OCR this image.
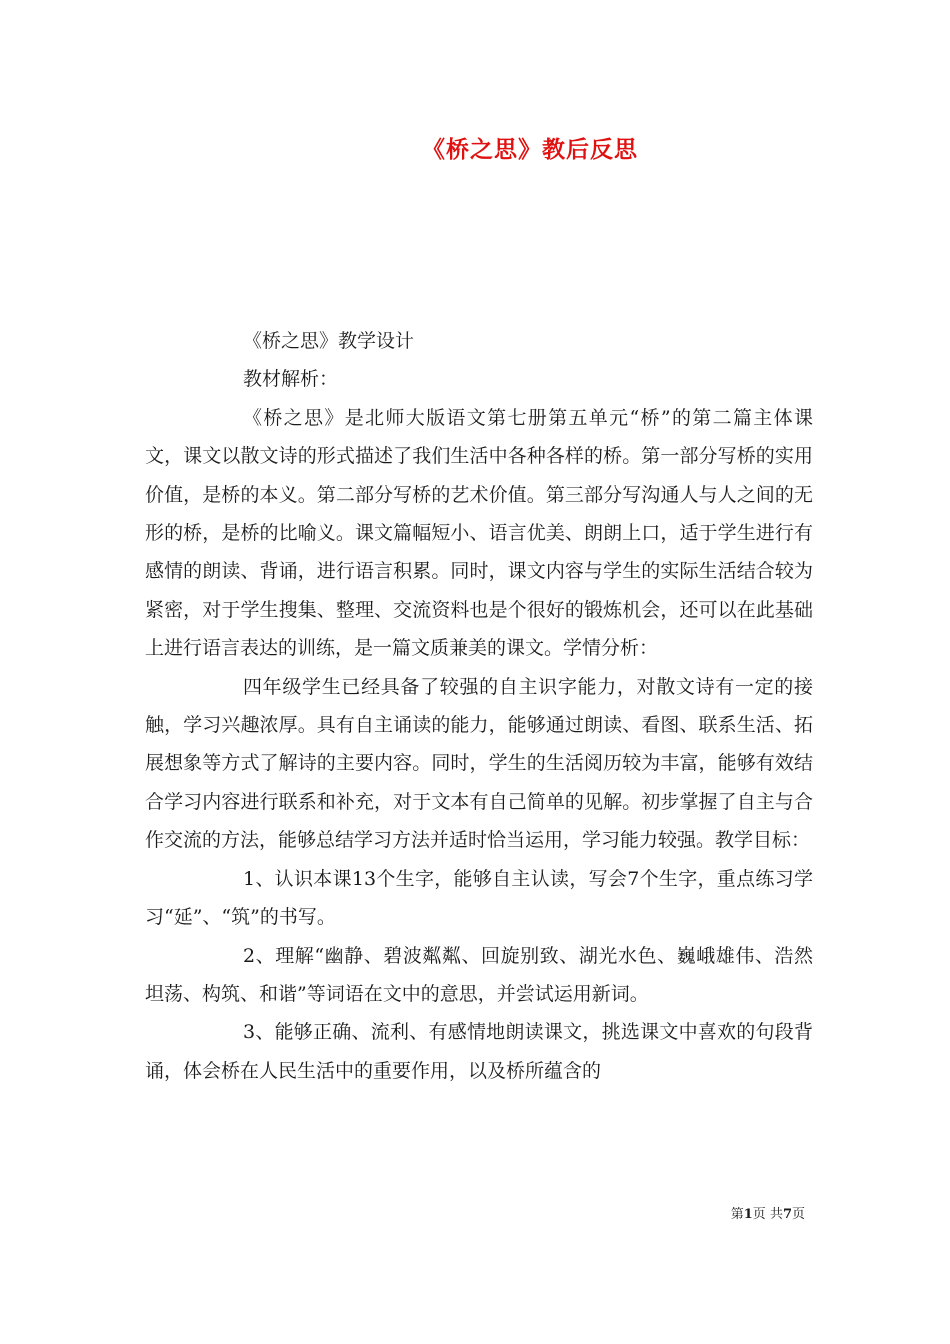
《桥之思》教后反思

《桥之思》教学设计

教材解析：

《桥之思》是北师大版语文第七册第五单元“桥”的第二篇主体课文，课文以散文诗的形式描述了我们生活中各种各样的桥。第一部分写桥的实用价值，是桥的本义。第二部分写桥的艺术价值。第三部分写沟通人与人之间的无形的桥，是桥的比喻义。课文篇幅短小、语言优美、朗朗上口，适于学生进行有感情的朗读、背诵，进行语言积累。同时，课文内容与学生的实际生活结合较为紧密，对于学生搜集、整理、交流资料也是个很好的锻炼机会，还可以在此基础上进行语言表达的训练，是一篇文质兼美的课文。学情分析：

四年级学生已经具备了较强的自主识字能力，对散文诗有一定的接触，学习兴趣浓厚。具有自主诵读的能力，能够通过朗读、看图、联系生活、拓展想象等方式了解诗的主要内容。同时，学生的生活阅历较为丰富，能够有效结合学习内容进行联系和补充，对于文本有自己简单的见解。初步掌握了自主与合作交流的方法，能够总结学习方法并适时恰当运用，学习能力较强。教学目标：

1、认识本课13个生字，能够自主认读，写会7个生字，重点练习学习“延”、“筑”的书写。

2、理解“幽静、碧波粼粼、回旋别致、湖光水色、巍峨雄伟、浩然坦荡、构筑、和谐”等词语在文中的意思，并尝试运用新词。

3、能够正确、流利、有感情地朗读课文，挑选课文中喜欢的句段背诵，体会桥在人民生活中的重要作用，以及桥所蕴含的

第1页 共7页
